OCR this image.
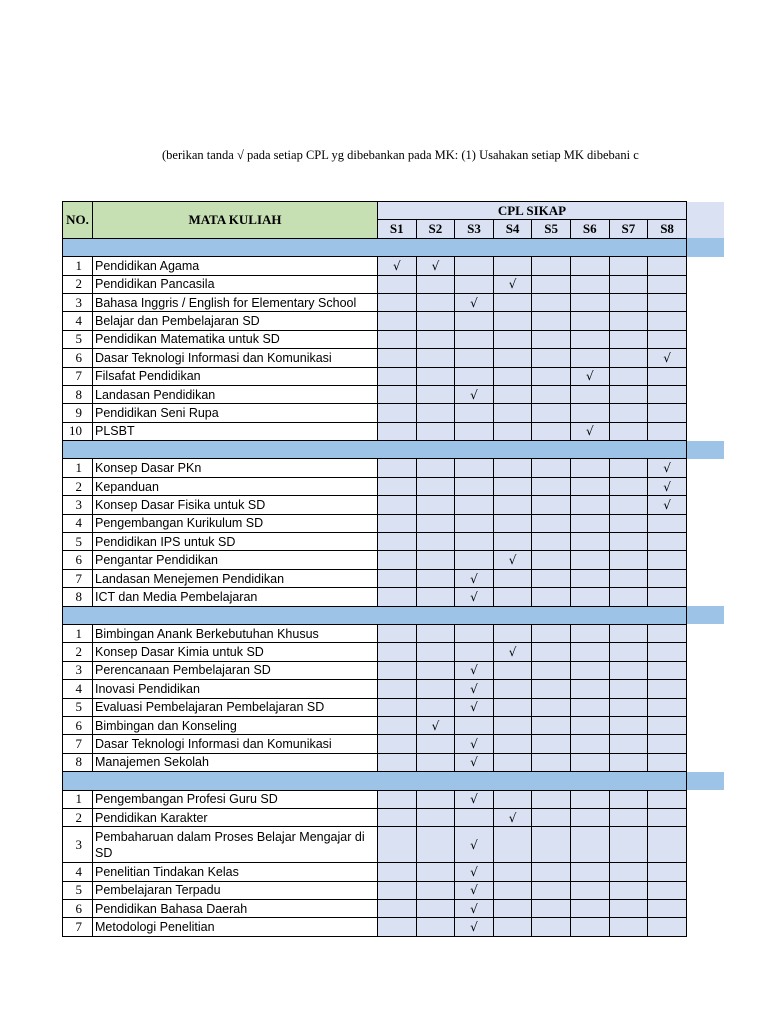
(berikan tanda √ pada setiap CPL yg dibebankan pada MK: (1) Usahakan setiap MK dibebani c
NO.	MATA KULIAH	CPL SIKAP							
		S1	S2	S3	S4	S5	S6	S7	S8

1	Pendidikan Agama	√	√						
2	Pendidikan Pancasila				√				
3	Bahasa Inggris / English for Elementary School			√					
4	Belajar dan Pembelajaran SD								
5	Pendidikan Matematika untuk SD								
6	Dasar Teknologi Informasi dan Komunikasi								√
7	Filsafat Pendidikan						√		
8	Landasan Pendidikan			√					
9	Pendidikan Seni Rupa								
10	PLSBT						√		

1	Konsep Dasar PKn								√
2	Kepanduan								√
3	Konsep Dasar Fisika untuk SD								√
4	Pengembangan Kurikulum SD								
5	Pendidikan IPS untuk SD								
6	Pengantar Pendidikan				√				
7	Landasan Menejemen Pendidikan			√					
8	ICT dan Media Pembelajaran			√					

1	Bimbingan Anank Berkebutuhan Khusus								
2	Konsep Dasar Kimia untuk SD				√				
3	Perencanaan Pembelajaran SD			√					
4	Inovasi Pendidikan			√					
5	Evaluasi Pembelajaran Pembelajaran SD			√					
6	Bimbingan dan Konseling		√						
7	Dasar Teknologi Informasi dan Komunikasi			√					
8	Manajemen Sekolah			√					

1	Pengembangan Profesi Guru SD			√					
2	Pendidikan Karakter				√				
3	Pembaharuan dalam Proses Belajar Mengajar di SD			√					
4	Penelitian Tindakan Kelas			√					
5	Pembelajaran Terpadu			√					
6	Pendidikan Bahasa Daerah			√					
7	Metodologi Penelitian			√					
